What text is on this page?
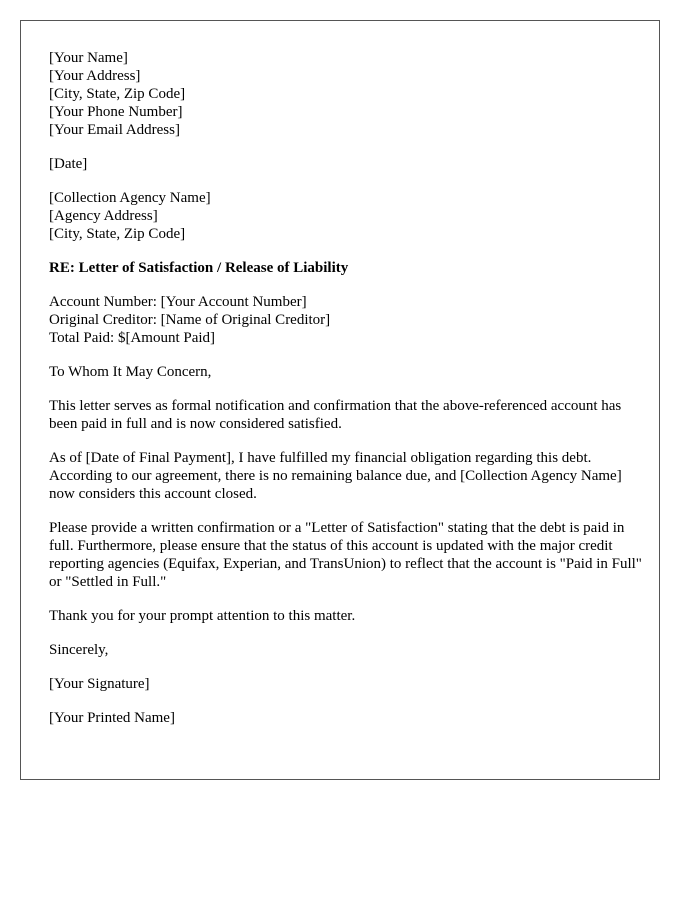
[Your Name]
[Your Address]
[City, State, Zip Code]
[Your Phone Number]
[Your Email Address]
[Date]
[Collection Agency Name]
[Agency Address]
[City, State, Zip Code]
RE: Letter of Satisfaction / Release of Liability
Account Number: [Your Account Number]
Original Creditor: [Name of Original Creditor]
Total Paid: $[Amount Paid]
To Whom It May Concern,

This letter serves as formal notification and confirmation that the above-referenced account has been paid in full and is now considered satisfied.

As of [Date of Final Payment], I have fulfilled my financial obligation regarding this debt. According to our agreement, there is no remaining balance due, and [Collection Agency Name] now considers this account closed.

Please provide a written confirmation or a "Letter of Satisfaction" stating that the debt is paid in full. Furthermore, please ensure that the status of this account is updated with the major credit reporting agencies (Equifax, Experian, and TransUnion) to reflect that the account is "Paid in Full" or "Settled in Full."

Thank you for your prompt attention to this matter.

Sincerely,
[Your Signature]
[Your Printed Name]
